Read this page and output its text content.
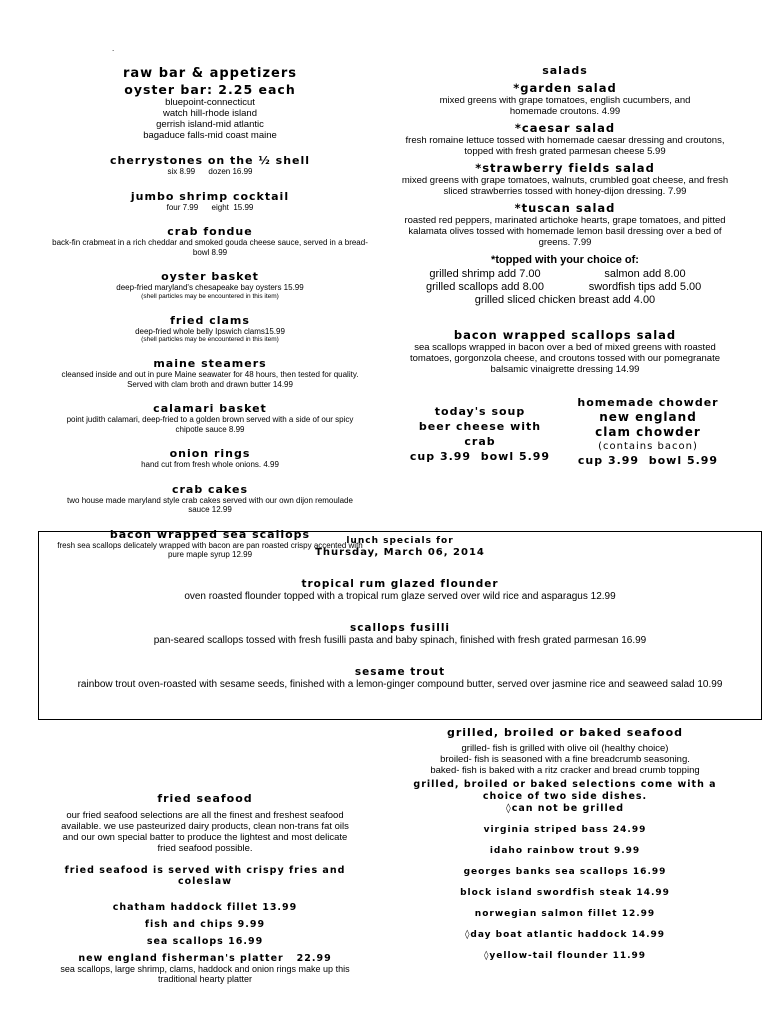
.
raw bar & appetizers
oyster bar: 2.25 each
bluepoint-connecticut
watch hill-rhode island
gerrish island-mid atlantic
bagaduce falls-mid coast maine
cherrystones on the ½ shell
six 8.99      dozen 16.99
jumbo shrimp cocktail
four 7.99      eight  15.99
crab fondue
back-fin crabmeat in a rich cheddar and smoked gouda cheese sauce, served in a bread-bowl 8.99
oyster basket
deep-fried maryland's chesapeake bay oysters 15.99
(shell particles may be encountered in this item)
fried clams
deep-fried whole belly Ipswich clams15.99
(shell particles may be encountered in this item)
maine steamers
cleansed inside and out in pure Maine seawater for 48 hours, then tested for quality. Served with clam broth and drawn butter 14.99
calamari basket
point judith calamari, deep-fried to a golden brown served with a side of our spicy chipotle sauce 8.99
onion rings
hand cut from fresh whole onions. 4.99
crab cakes
two house made maryland style crab cakes served with our own dijon remoulade sauce 12.99
bacon wrapped sea scallops
fresh sea scallops delicately wrapped with bacon are pan roasted crispy accented with pure maple syrup 12.99
salads
*garden salad
mixed greens with grape tomatoes, english cucumbers, and homemade croutons. 4.99
*caesar salad
fresh romaine lettuce tossed with homemade caesar dressing and croutons, topped with fresh grated parmesan cheese 5.99
*strawberry fields salad
mixed greens with grape tomatoes, walnuts, crumbled goat cheese, and fresh sliced strawberries tossed with honey-dijon dressing. 7.99
*tuscan salad
roasted red peppers, marinated artichoke hearts, grape tomatoes, and pitted kalamata olives tossed with homemade lemon basil dressing over a bed of greens. 7.99
*topped with your choice of:
grilled shrimp add 7.00	salmon add 8.00
grilled scallops add 8.00	swordfish tips add 5.00
grilled sliced chicken breast add 4.00
bacon wrapped scallops salad
sea scallops wrapped in bacon over a bed of mixed greens with roasted tomatoes, gorgonzola cheese, and croutons tossed with our pomegranate balsamic vinaigrette dressing 14.99
today's soup
beer cheese with
crab
cup 3.99  bowl 5.99
homemade chowder
new england
clam chowder
(contains bacon)
cup 3.99  bowl 5.99
lunch specials for
Thursday, March 06, 2014
tropical rum glazed flounder
oven roasted flounder topped with a tropical rum glaze served over wild rice and asparagus 12.99
scallops fusilli
pan-seared scallops tossed with fresh fusilli pasta and baby spinach, finished with fresh grated parmesan 16.99
sesame trout
rainbow trout oven-roasted with sesame seeds, finished with a lemon-ginger compound butter, served over jasmine rice and seaweed salad 10.99
grilled, broiled or baked seafood
grilled- fish is grilled with olive oil (healthy choice)
broiled- fish is seasoned with a fine breadcrumb seasoning.
baked- fish is baked with a ritz cracker and bread crumb topping
grilled, broiled or baked selections come with a
choice of two side dishes.
◊can not be grilled
virginia striped bass 24.99
idaho rainbow trout 9.99
georges banks sea scallops 16.99
block island swordfish steak 14.99
norwegian salmon fillet 12.99
◊day boat atlantic haddock 14.99
◊yellow-tail flounder 11.99
fried seafood
our fried seafood selections are all the finest and freshest seafood available. we use pasteurized dairy products, clean non-trans fat oils and our own special batter to produce the lightest and most delicate fried seafood possible.
fried seafood is served with crispy fries and coleslaw
chatham haddock fillet 13.99
fish and chips 9.99
sea scallops 16.99
new england fisherman's platter   22.99
sea scallops, large shrimp, clams, haddock and onion rings make up this traditional hearty platter
